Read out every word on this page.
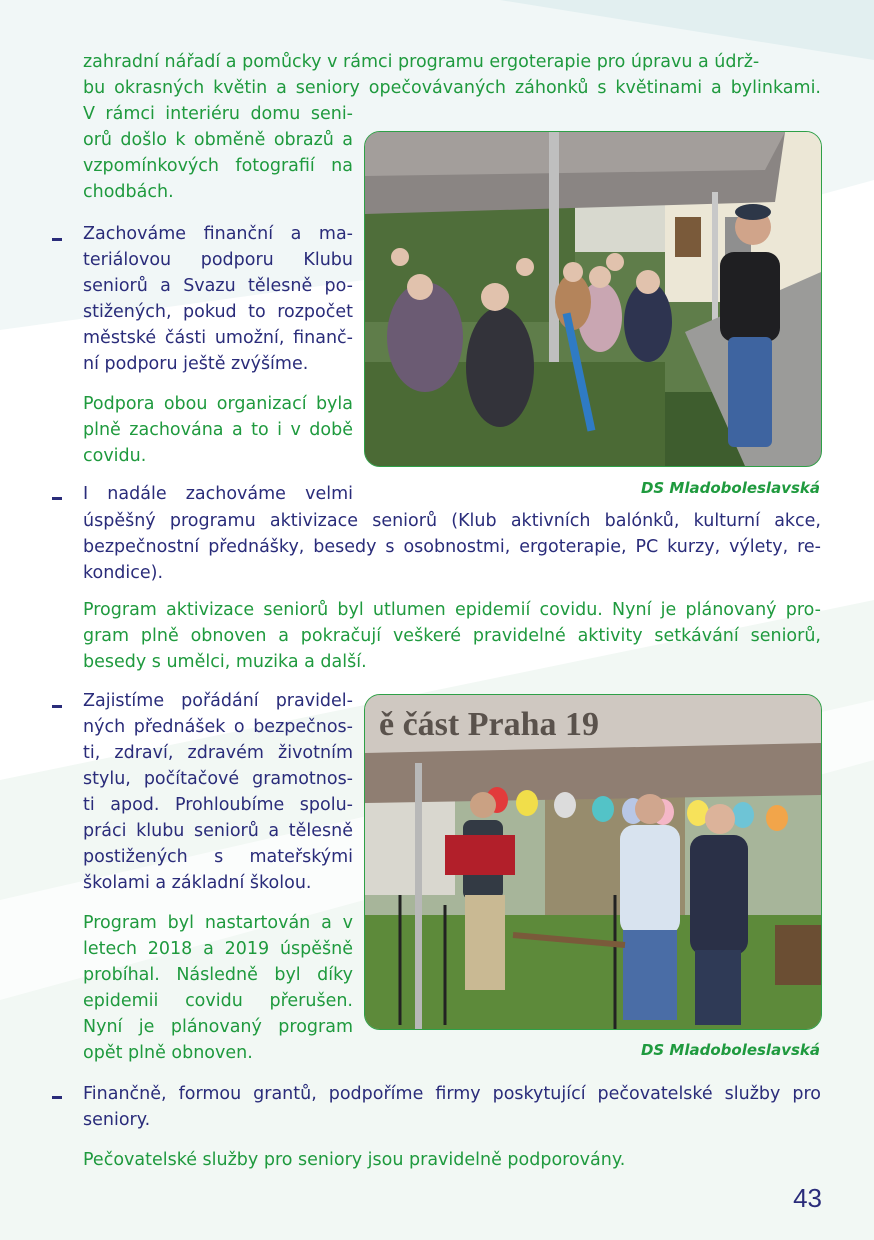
zahradní nářadí a pomůcky v rámci programu ergoterapie pro úpravu a údrž-
bu okrasných květin a seniory opečovávaných záhonků s květinami a bylinkami.
V rámci interiéru domu seni-
orů došlo k obměně obrazů a
vzpomínkových fotografií na
chodbách.
Zachováme finanční a ma-
teriálovou podporu Klubu
seniorů a Svazu tělesně po-
stižených, pokud to rozpočet
městské části umožní, finanč-
ní podporu ještě zvýšíme.
Podpora obou organizací byla
plně zachována a to i v době
covidu.
DS Mladoboleslavská
I nadále zachováme velmi
úspěšný programu aktivizace seniorů (Klub aktivních balónků, kulturní akce,
bezpečnostní přednášky, besedy s osobnostmi, ergoterapie, PC kurzy, výlety, re-
kondice).
Program aktivizace seniorů byl utlumen epidemií covidu. Nyní je plánovaný pro-
gram plně obnoven a pokračují veškeré pravidelné aktivity setkávání seniorů,
besedy s umělci, muzika a další.
Zajistíme pořádání pravidel-
ných přednášek o bezpečnos-
ti, zdraví, zdravém životním
stylu, počítačové gramotnos-
ti apod. Prohloubíme spolu-
práci klubu seniorů a tělesně
postižených s mateřskými
školami a základní školou.
Program byl nastartován a v
letech 2018 a 2019 úspěšně
probíhal. Následně byl díky
epidemii covidu přerušen.
Nyní je plánovaný program
opět plně obnoven.
ě část Praha 19
DS Mladoboleslavská
Finančně, formou grantů, podpoříme firmy poskytující pečovatelské služby pro
seniory.
Pečovatelské služby pro seniory jsou pravidelně podporovány.
43
